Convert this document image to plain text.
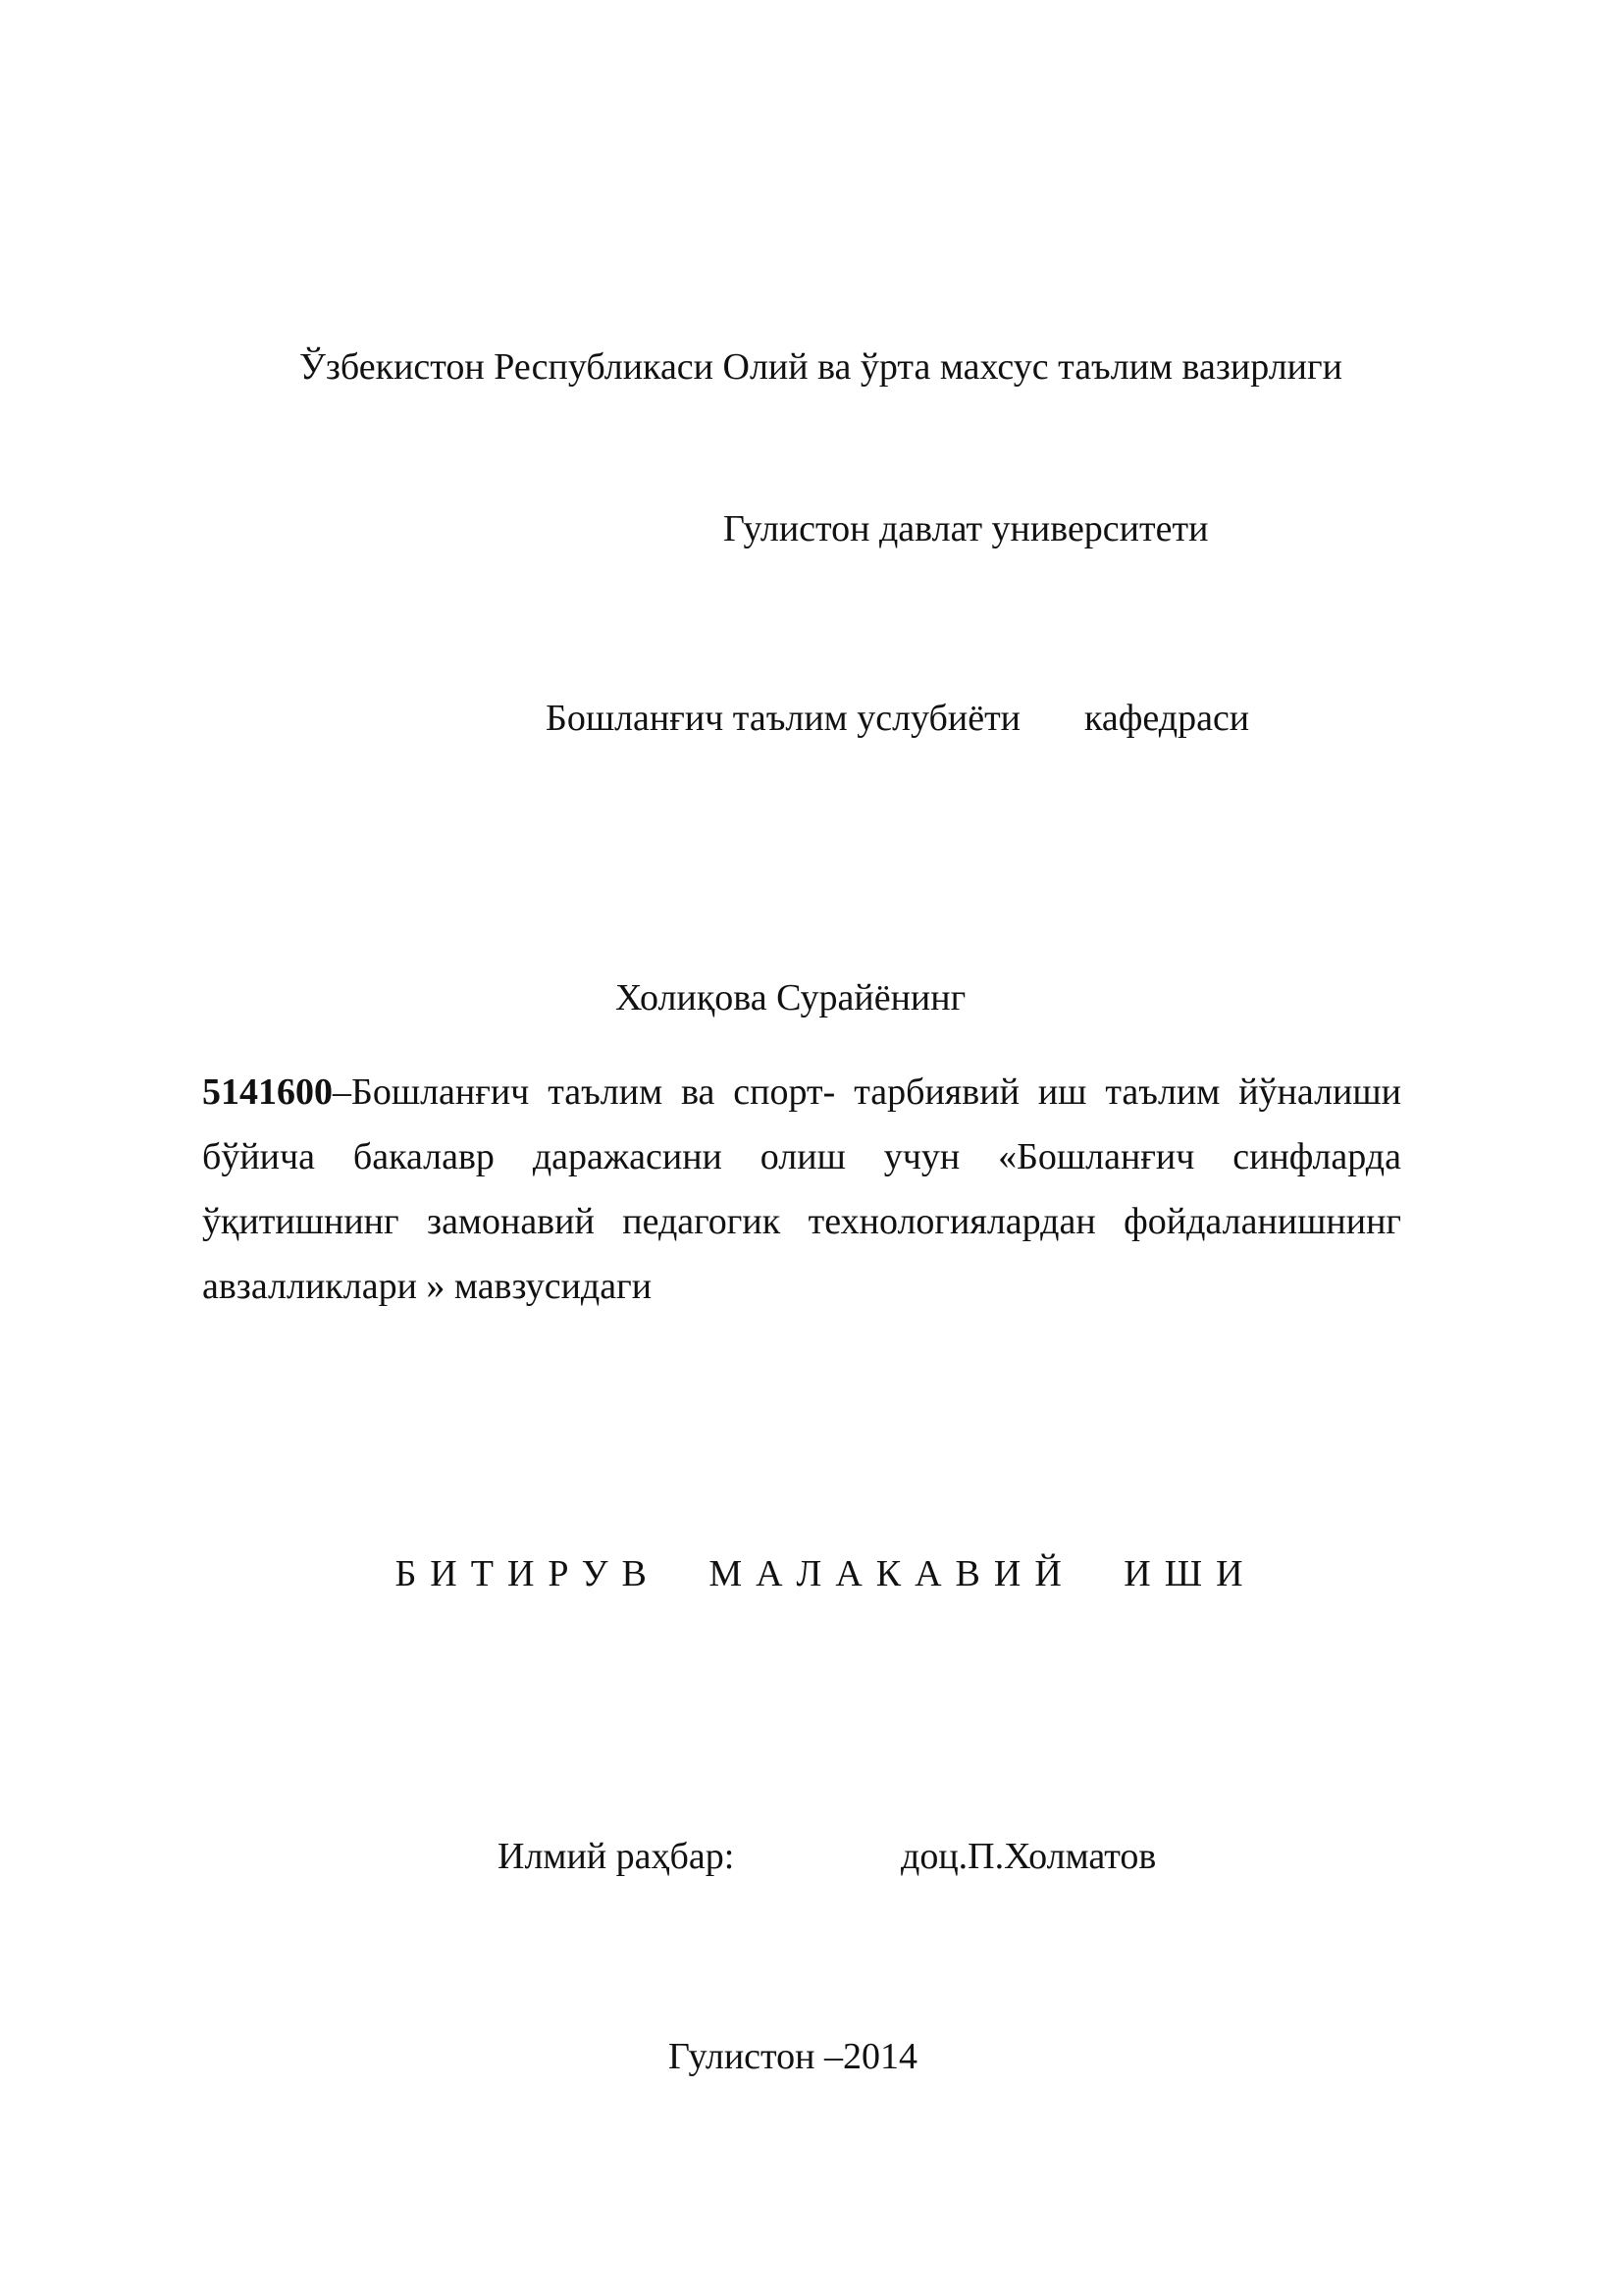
Ўзбекистон Республикаси Олий ва ўрта махсус таълим вазирлиги
Гулистон давлат университети
Бошланғич таълим услубиёти кафедраси
Холиқова Сурайёнинг
5141600–Бошланғич таълим ва спорт- тарбиявий иш таълим йўналиши
бўйича бакалавр даражасини олиш учун «Бошланғич синфларда
ўқитишнинг замонавий педагогик технологиялардан фойдаланишнинг
авзалликлари » мавзусидаги
БИТИРУВ МАЛАКАВИЙ ИШИ
Илмий раҳбар:	доц.П.Холматов
Гулистон –2014
